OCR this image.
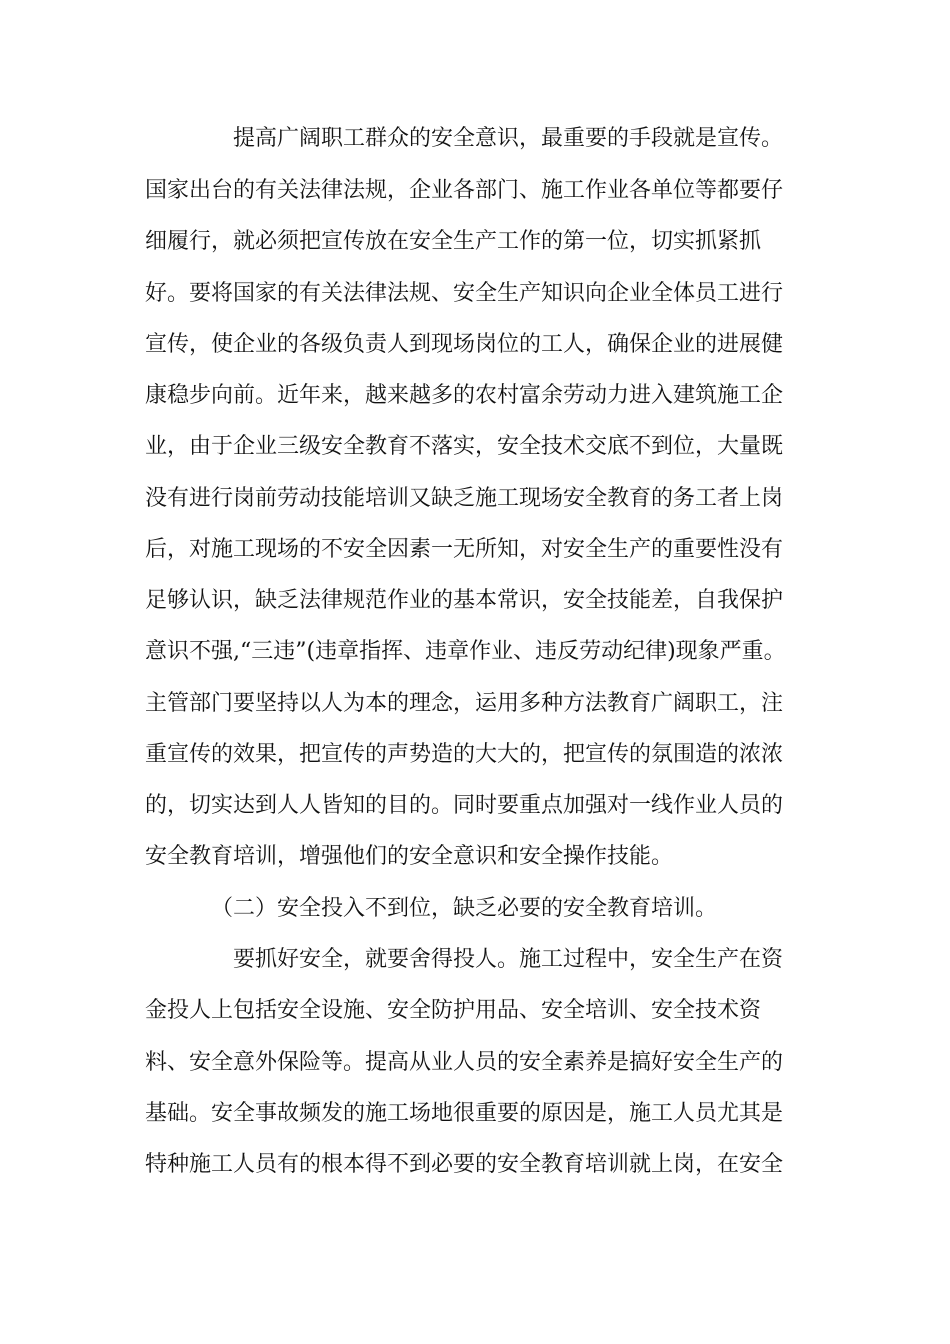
提高广阔职工群众的安全意识，最重要的手段就是宣传。
国家出台的有关法律法规，企业各部门、施工作业各单位等都要仔
细履行，就必须把宣传放在安全生产工作的第一位，切实抓紧抓
好。要将国家的有关法律法规、安全生产知识向企业全体员工进行
宣传，使企业的各级负责人到现场岗位的工人，确保企业的进展健
康稳步向前。近年来，越来越多的农村富余劳动力进入建筑施工企
业，由于企业三级安全教育不落实，安全技术交底不到位，大量既
没有进行岗前劳动技能培训又缺乏施工现场安全教育的务工者上岗
后，对施工现场的不安全因素一无所知，对安全生产的重要性没有
足够认识，缺乏法律规范作业的基本常识，安全技能差，自我保护
意识不强,“三违”(违章指挥、违章作业、违反劳动纪律)现象严重。
主管部门要坚持以人为本的理念，运用多种方法教育广阔职工，注
重宣传的效果，把宣传的声势造的大大的，把宣传的氛围造的浓浓
的，切实达到人人皆知的目的。同时要重点加强对一线作业人员的
安全教育培训，增强他们的安全意识和安全操作技能。
（二）安全投入不到位，缺乏必要的安全教育培训。
要抓好安全，就要舍得投人。施工过程中，安全生产在资
金投人上包括安全设施、安全防护用品、安全培训、安全技术资
料、安全意外保险等。提高从业人员的安全素养是搞好安全生产的
基础。安全事故频发的施工场地很重要的原因是，施工人员尤其是
特种施工人员有的根本得不到必要的安全教育培训就上岗，在安全
